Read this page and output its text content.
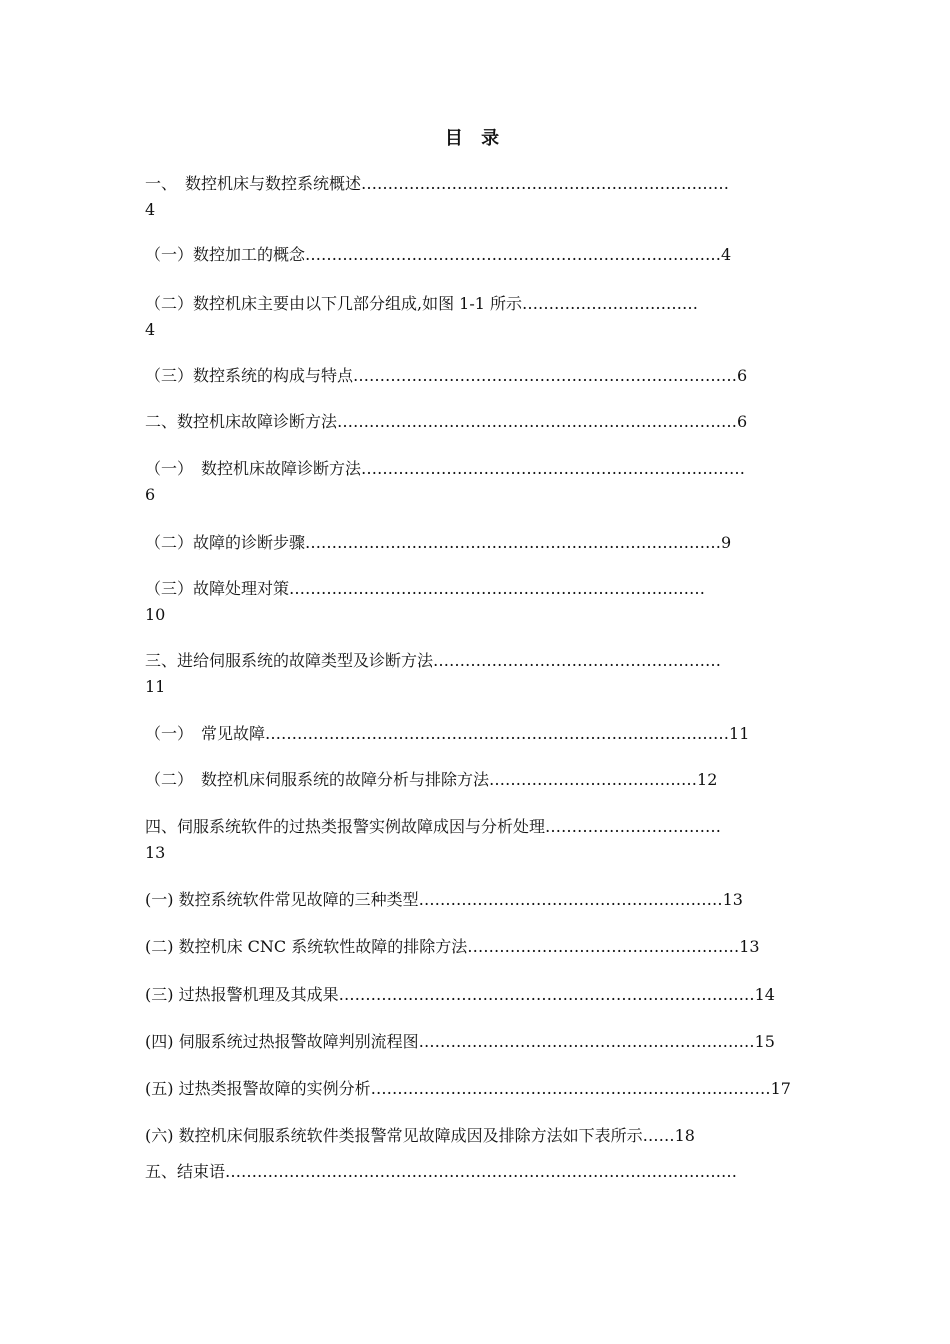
目 录
一、　数控机床与数控系统概述……………………………………………………………
4
（一）数控加工的概念……………………………………………………………………4
（二）数控机床主要由以下几部分组成,如图 1-1 所示……………………………
4
（三）数控系统的构成与特点………………………………………………………………6
二、数控机床故障诊断方法…………………………………………………………………6
（一）　数控机床故障诊断方法………………………………………………………………
6
（二）故障的诊断步骤……………………………………………………………………9
（三）故障处理对策……………………………………………………………………
10
三、进给伺服系统的故障类型及诊断方法………………………………………………
11
（一）　常见故障……………………………………………………………………………11
（二）　数控机床伺服系统的故障分析与排除方法…………………………………12
四、伺服系统软件的过热类报警实例故障成因与分析处理……………………………
13
(一) 数控系统软件常见故障的三种类型…………………………………………………13
(二) 数控机床 CNC 系统软性故障的排除方法……………………………………………13
(三) 过热报警机理及其成果……………………………………………………………………14
(四) 伺服系统过热报警故障判别流程图………………………………………………………15
(五) 过热类报警故障的实例分析…………………………………………………………………17
(六) 数控机床伺服系统软件类报警常见故障成因及排除方法如下表所示……18
五、结束语……………………………………………………………………………………
